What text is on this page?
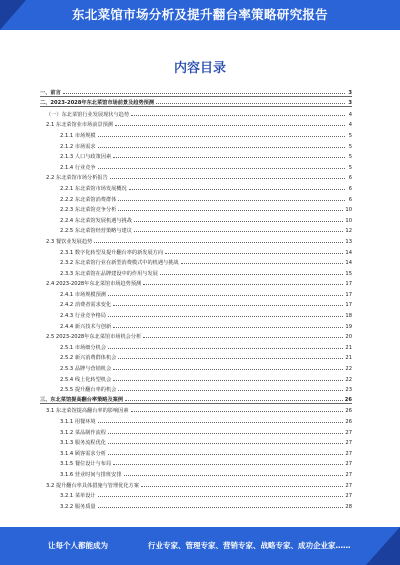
东北菜馆市场分析及提升翻台率策略研究报告
内容目录
一、前言	3
二、2023-2028年东北菜馆市场前景及趋势预测	3
（一）东北菜馆行业发展现状与趋势	4
2.1 东北菜馆业市场前景预测	4
2.1.1 市场规模	5
2.1.2 市场需求	5
2.1.3 人口与政策因素	5
2.1.4 行业竞争	5
2.2 东北菜馆市场分析报告	6
2.2.1 东北菜馆市场发展概况	6
2.2.2 东北菜馆消费群体	6
2.2.3 东北菜馆竞争分析	10
2.2.4 东北菜馆发展机遇与挑战	10
2.2.5 东北菜馆经营策略与建议	12
2.3 餐饮业发展趋势	13
2.3.1 数字化转型及提升翻台率的新发展方向	14
2.3.2 东北菜馆行业在新型消费模式中的机遇与挑战	14
2.3.3 东北菜馆在品牌建设中的作用与发展	15
2.4 2023-2028年东北菜馆市场趋势预测	17
2.4.1 市场规模预测	17
2.4.2 消费者需求变化	17
2.4.3 行业竞争格局	18
2.4.4 新兴技术与创新	19
2.5 2023-2028年东北菜馆市场机会分析	20
2.5.1 市场细分机会	21
2.5.2 新兴消费群体机会	21
2.5.3 品牌与营销机会	22
2.5.4 线上化转型机会	22
2.5.5 提升翻台率的机会	23
三、东北菜馆提高翻台率策略及案例	26
3.1 东北菜馆提高翻台率的影响因素	26
3.1.1 用餐环境	26
3.1.2 菜品制作流程	27
3.1.3 服务流程优化	27
3.1.4 顾客需求分析	27
3.1.5 餐位设计与布局	27
3.1.6 营业时间与排班安排	27
3.2 提升翻台率具体措施与管理优化方案	27
3.2.1 菜单设计	27
3.2.2 服务质量	28
让每个人都能成为	行业专家、管理专家、营销专家、战略专家、成功企业家……
